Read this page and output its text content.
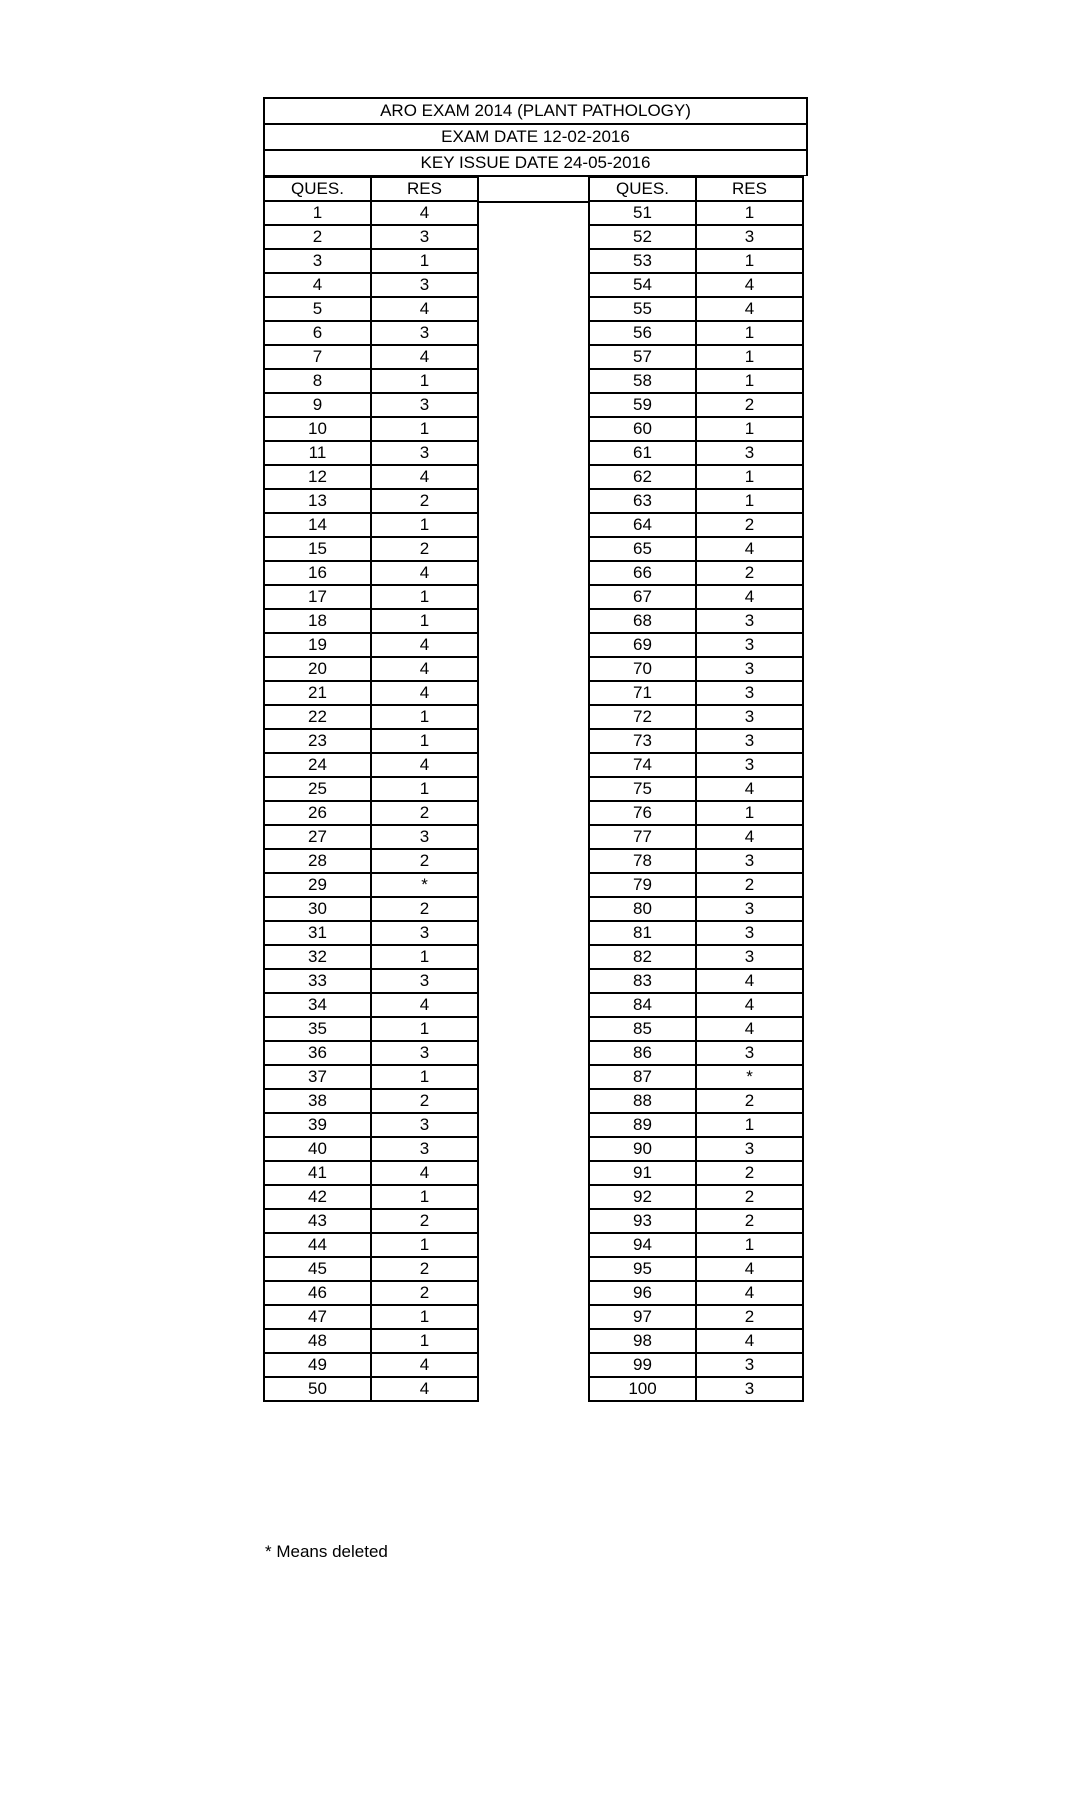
ARO EXAM 2014 (PLANT PATHOLOGY)
EXAM DATE 12-02-2016
KEY ISSUE DATE 24-05-2016
QUES.	RES
1	4
2	3
3	1
4	3
5	4
6	3
7	4
8	1
9	3
10	1
11	3
12	4
13	2
14	1
15	2
16	4
17	1
18	1
19	4
20	4
21	4
22	1
23	1
24	4
25	1
26	2
27	3
28	2
29	*
30	2
31	3
32	1
33	3
34	4
35	1
36	3
37	1
38	2
39	3
40	3
41	4
42	1
43	2
44	1
45	2
46	2
47	1
48	1
49	4
50	4
QUES.	RES
51	1
52	3
53	1
54	4
55	4
56	1
57	1
58	1
59	2
60	1
61	3
62	1
63	1
64	2
65	4
66	2
67	4
68	3
69	3
70	3
71	3
72	3
73	3
74	3
75	4
76	1
77	4
78	3
79	2
80	3
81	3
82	3
83	4
84	4
85	4
86	3
87	*
88	2
89	1
90	3
91	2
92	2
93	2
94	1
95	4
96	4
97	2
98	4
99	3
100	3
* Means deleted
